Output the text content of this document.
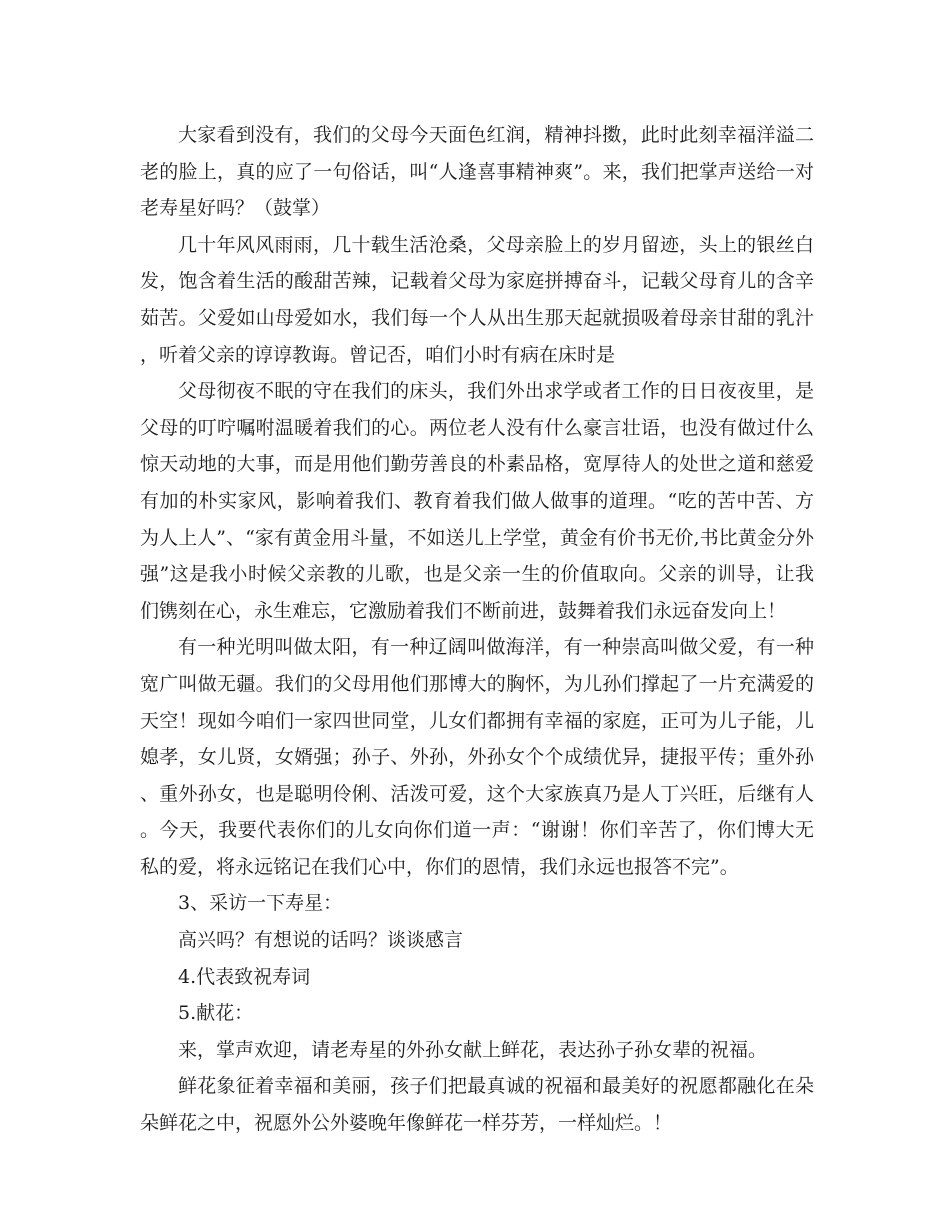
大家看到没有，我们的父母今天面色红润，精神抖擞，此时此刻幸福洋溢二老的脸上，真的应了一句俗话，叫“人逢喜事精神爽”。来，我们把掌声送给一对老寿星好吗？（鼓掌）

几十年风风雨雨，几十载生活沧桑，父母亲脸上的岁月留迹，头上的银丝白发，饱含着生活的酸甜苦辣，记载着父母为家庭拼搏奋斗，记载父母育儿的含辛茹苦。父爱如山母爱如水，我们每一个人从出生那天起就损吸着母亲甘甜的乳汁，听着父亲的谆谆教诲。曾记否，咱们小时有病在床时是

父母彻夜不眠的守在我们的床头，我们外出求学或者工作的日日夜夜里，是父母的叮咛嘱咐温暖着我们的心。两位老人没有什么豪言壮语，也没有做过什么惊天动地的大事，而是用他们勤劳善良的朴素品格，宽厚待人的处世之道和慈爱有加的朴实家风，影响着我们、教育着我们做人做事的道理。“吃的苦中苦、方为人上人”、“家有黄金用斗量，不如送儿上学堂，黄金有价书无价,书比黄金分外强”这是我小时候父亲教的儿歌，也是父亲一生的价值取向。父亲的训导，让我们镌刻在心，永生难忘，它激励着我们不断前进，鼓舞着我们永远奋发向上！

有一种光明叫做太阳，有一种辽阔叫做海洋，有一种崇高叫做父爱，有一种宽广叫做无疆。我们的父母用他们那博大的胸怀，为儿孙们撑起了一片充满爱的天空！现如今咱们一家四世同堂，儿女们都拥有幸福的家庭，正可为儿子能，儿媳孝，女儿贤，女婿强；孙子、外孙，外孙女个个成绩优异，捷报平传；重外孙、重外孙女，也是聪明伶俐、活泼可爱，这个大家族真乃是人丁兴旺，后继有人。今天，我要代表你们的儿女向你们道一声：“谢谢！你们辛苦了，你们博大无私的爱，将永远铭记在我们心中，你们的恩情，我们永远也报答不完”。

3、采访一下寿星：

高兴吗？有想说的话吗？谈谈感言

4.代表致祝寿词

5.献花：

来，掌声欢迎，请老寿星的外孙女献上鲜花，表达孙子孙女辈的祝福。

鲜花象征着幸福和美丽，孩子们把最真诚的祝福和最美好的祝愿都融化在朵朵鲜花之中，祝愿外公外婆晚年像鲜花一样芬芳，一样灿烂。！
